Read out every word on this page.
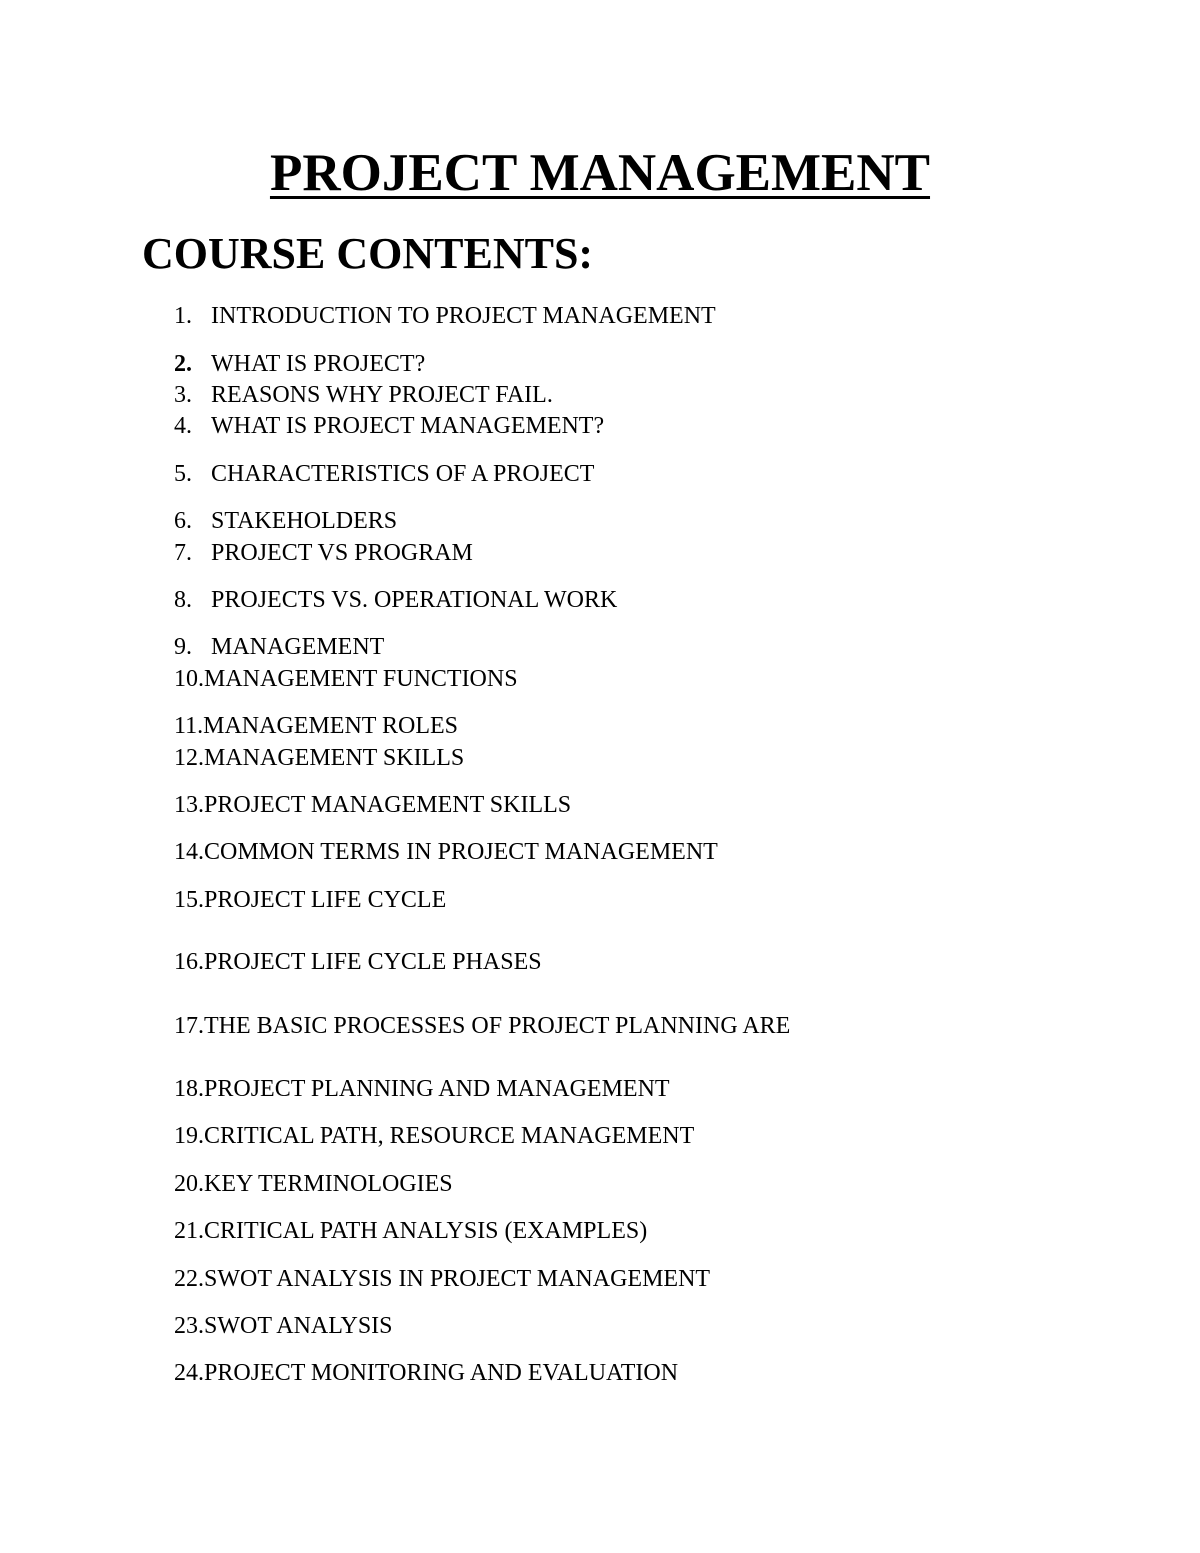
PROJECT MANAGEMENT
COURSE CONTENTS:
1. INTRODUCTION TO PROJECT MANAGEMENT
2. WHAT IS PROJECT?
3. REASONS WHY PROJECT FAIL.
4. WHAT IS PROJECT MANAGEMENT?
5. CHARACTERISTICS OF A PROJECT
6. STAKEHOLDERS
7. PROJECT VS PROGRAM
8. PROJECTS VS. OPERATIONAL WORK
9. MANAGEMENT
10.MANAGEMENT FUNCTIONS
11.MANAGEMENT ROLES
12.MANAGEMENT SKILLS
13.PROJECT MANAGEMENT SKILLS
14.COMMON TERMS IN PROJECT MANAGEMENT
15.PROJECT LIFE CYCLE
16.PROJECT LIFE CYCLE PHASES
17.THE BASIC PROCESSES OF PROJECT PLANNING ARE
18.PROJECT PLANNING AND MANAGEMENT
19.CRITICAL PATH, RESOURCE MANAGEMENT
20.KEY TERMINOLOGIES
21.CRITICAL PATH ANALYSIS (EXAMPLES)
22.SWOT ANALYSIS IN PROJECT MANAGEMENT
23.SWOT ANALYSIS
24.PROJECT MONITORING AND EVALUATION
